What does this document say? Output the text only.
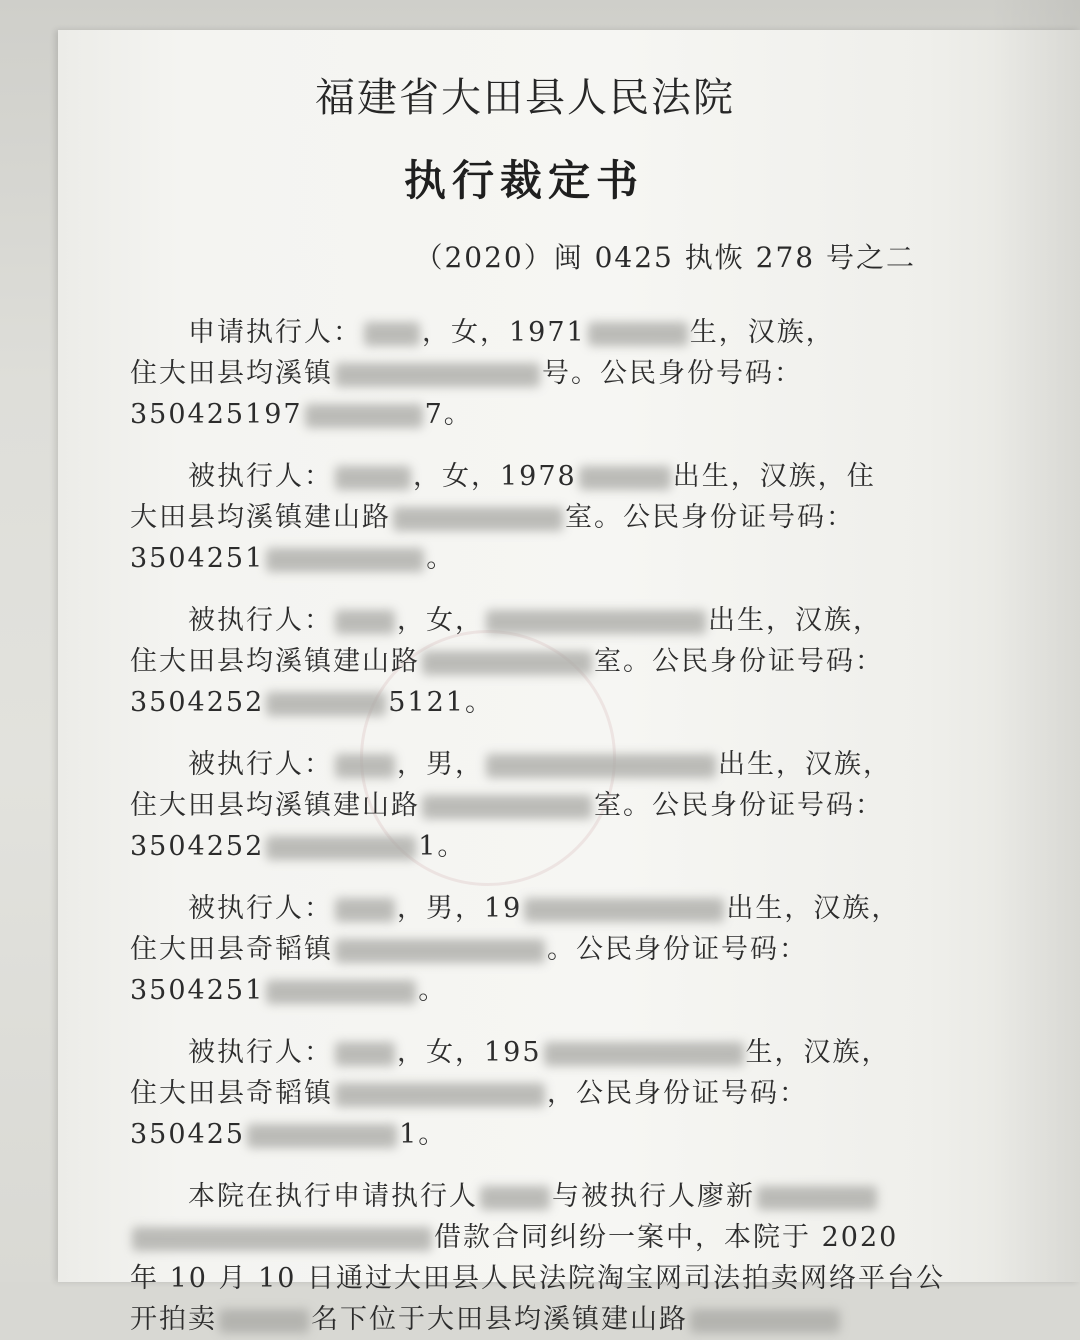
福建省大田县人民法院
执行裁定书
（2020）闽 0425 执恢 278 号之二
申请执行人： ，女，1971	生，汉族，
住大田县均溪镇	号。公民身份号码：
350425197	7。
被执行人：	，女，1978	出生，汉族，住
大田县均溪镇建山路	室。公民身份证号码：
3504251	。
被执行人： ，女，	出生，汉族，
住大田县均溪镇建山路	室。公民身份证号码：
3504252	5121。
被执行人： ，男，	出生，汉族，
住大田县均溪镇建山路	室。公民身份证号码：
3504252	1。
被执行人： ，男，19	出生，汉族，
住大田县奇韬镇	。公民身份证号码：
3504251	。
被执行人： ，女，195	生，汉族，
住大田县奇韬镇	，公民身份证号码：
350425	1。
本院在执行申请执行人	与被执行人廖新
借款合同纠纷一案中，本院于 2020
年 10 月 10 日通过大田县人民法院淘宝网司法拍卖网络平台公
开拍卖	名下位于大田县均溪镇建山路
